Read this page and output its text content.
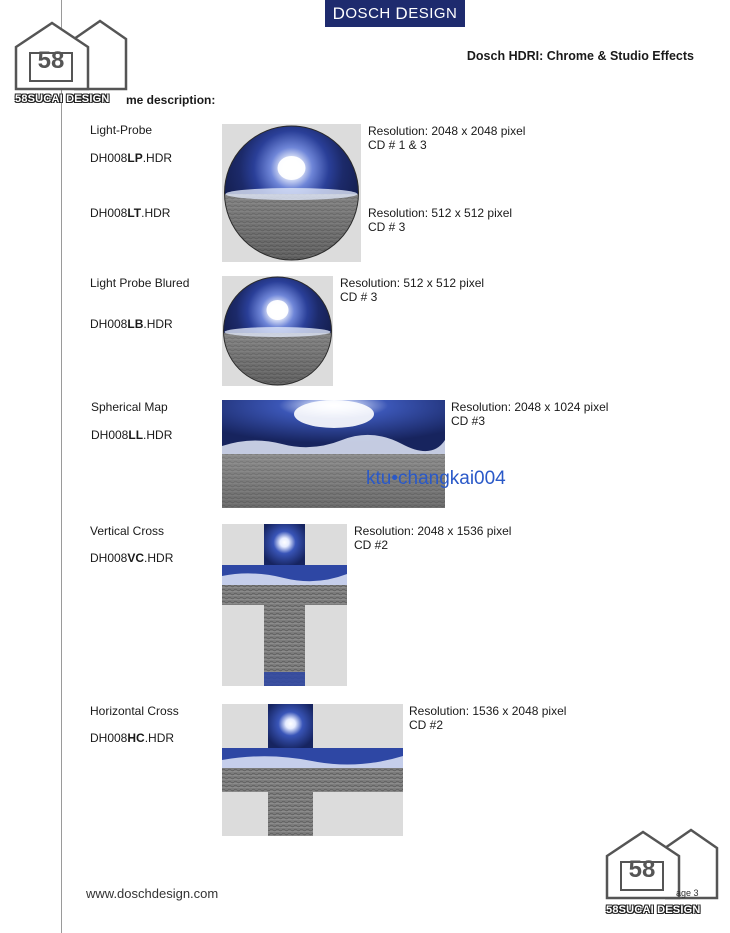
D OSCH
D ESIGN
Dosch HDRI: Chrome & Studio Effects
58
58SUCAI DESIGN me description:
Light-Probe
DH008LP.HDR
DH008LT.HDR
Resolution: 2048 x 2048 pixel
CD # 1 & 3
Resolution: 512 x 512 pixel
CD # 3
Light Probe Blured
DH008LB.HDR
Resolution: 512 x 512 pixel
CD # 3
Spherical Map
DH008LL.HDR
Resolution: 2048 x 1024 pixel
CD #3
ktu•changkai004
Vertical Cross
DH008VC.HDR
Resolution: 2048 x 1536 pixel
CD #2
Horizontal Cross
DH008HC.HDR
Resolution: 1536 x 2048 pixel
CD #2
58
58SUCAI DESIGN
www.doschdesign.com	age 3
